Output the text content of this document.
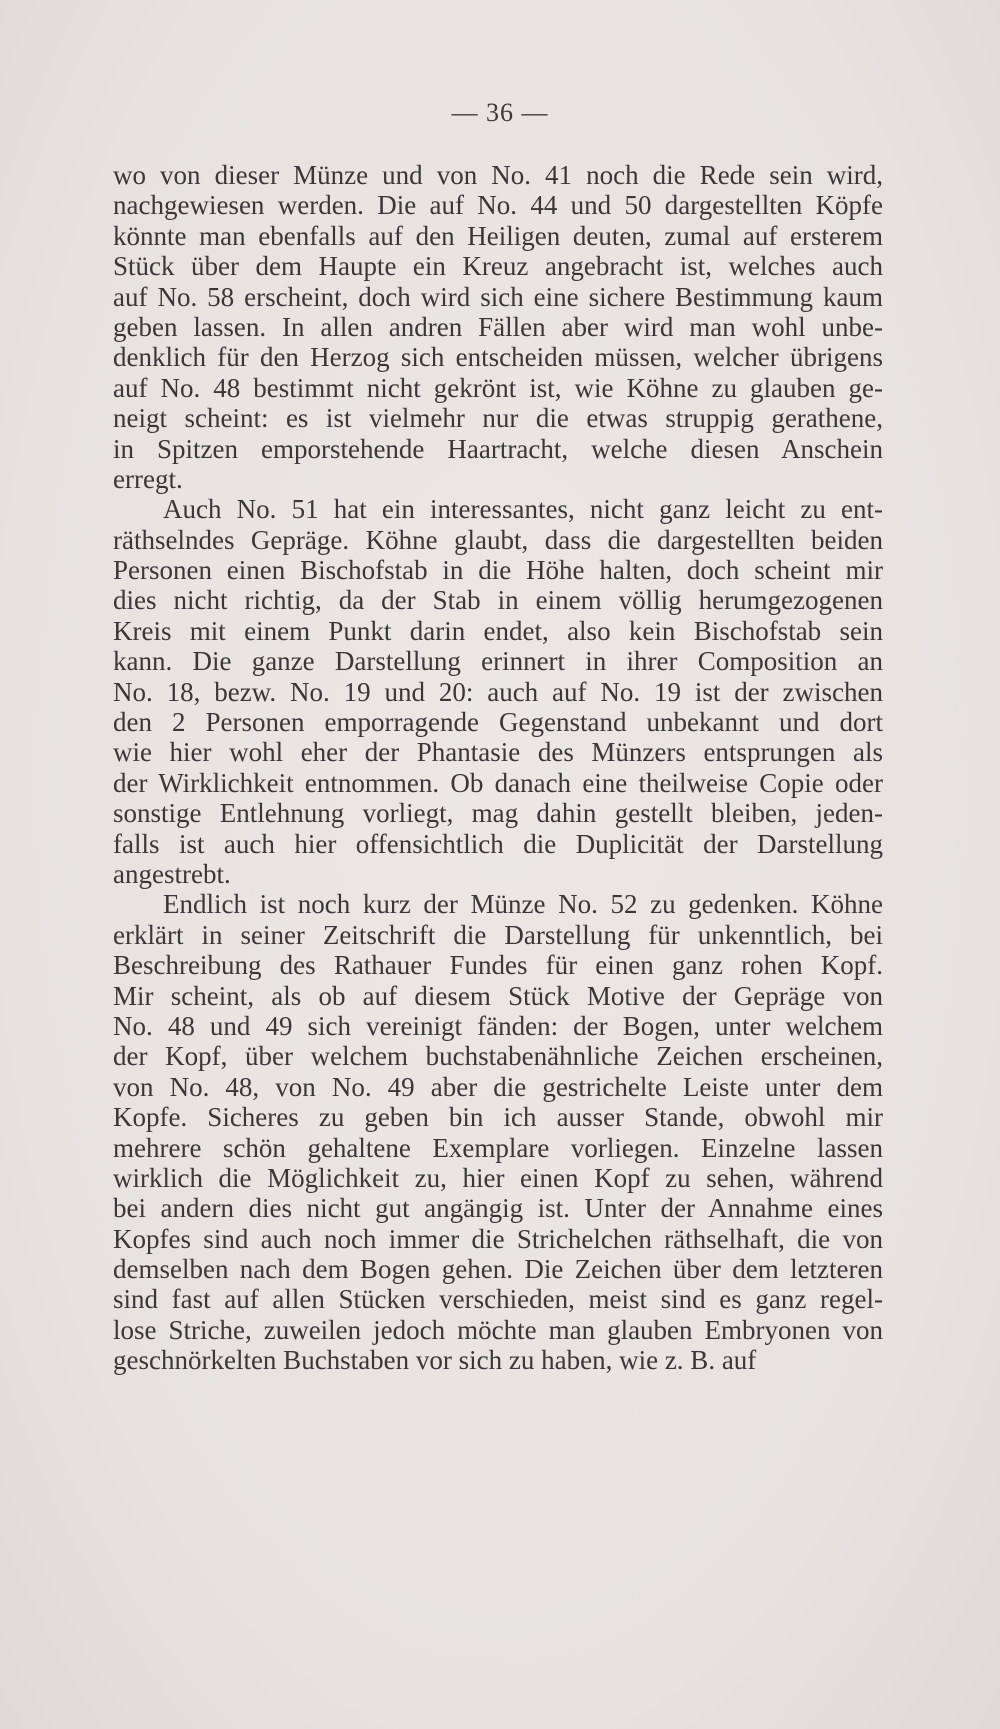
— 36 —
wo von dieser Münze und von No. 41 noch die Rede sein wird,
nachgewiesen werden. Die auf No. 44 und 50 dargestellten Köpfe
könnte man ebenfalls auf den Heiligen deuten, zumal auf ersterem
Stück über dem Haupte ein Kreuz angebracht ist, welches auch
auf No. 58 erscheint, doch wird sich eine sichere Bestimmung kaum
geben lassen. In allen andren Fällen aber wird man wohl unbe-
denklich für den Herzog sich entscheiden müssen, welcher übrigens
auf No. 48 bestimmt nicht gekrönt ist, wie Köhne zu glauben ge-
neigt scheint: es ist vielmehr nur die etwas struppig gerathene,
in Spitzen emporstehende Haartracht, welche diesen Anschein
erregt.
Auch No. 51 hat ein interessantes, nicht ganz leicht zu ent-
räthselndes Gepräge. Köhne glaubt, dass die dargestellten beiden
Personen einen Bischofstab in die Höhe halten, doch scheint mir
dies nicht richtig, da der Stab in einem völlig herumgezogenen
Kreis mit einem Punkt darin endet, also kein Bischofstab sein
kann. Die ganze Darstellung erinnert in ihrer Composition an
No. 18, bezw. No. 19 und 20: auch auf No. 19 ist der zwischen
den 2 Personen emporragende Gegenstand unbekannt und dort
wie hier wohl eher der Phantasie des Münzers entsprungen als
der Wirklichkeit entnommen. Ob danach eine theilweise Copie oder
sonstige Entlehnung vorliegt, mag dahin gestellt bleiben, jeden-
falls ist auch hier offensichtlich die Duplicität der Darstellung
angestrebt.
Endlich ist noch kurz der Münze No. 52 zu gedenken. Köhne
erklärt in seiner Zeitschrift die Darstellung für unkenntlich, bei
Beschreibung des Rathauer Fundes für einen ganz rohen Kopf.
Mir scheint, als ob auf diesem Stück Motive der Gepräge von
No. 48 und 49 sich vereinigt fänden: der Bogen, unter welchem
der Kopf, über welchem buchstabenähnliche Zeichen erscheinen,
von No. 48, von No. 49 aber die gestrichelte Leiste unter dem
Kopfe. Sicheres zu geben bin ich ausser Stande, obwohl mir
mehrere schön gehaltene Exemplare vorliegen. Einzelne lassen
wirklich die Möglichkeit zu, hier einen Kopf zu sehen, während
bei andern dies nicht gut angängig ist. Unter der Annahme eines
Kopfes sind auch noch immer die Strichelchen räthselhaft, die von
demselben nach dem Bogen gehen. Die Zeichen über dem letzteren
sind fast auf allen Stücken verschieden, meist sind es ganz regel-
lose Striche, zuweilen jedoch möchte man glauben Embryonen von
geschnörkelten Buchstaben vor sich zu haben, wie z. B. auf
